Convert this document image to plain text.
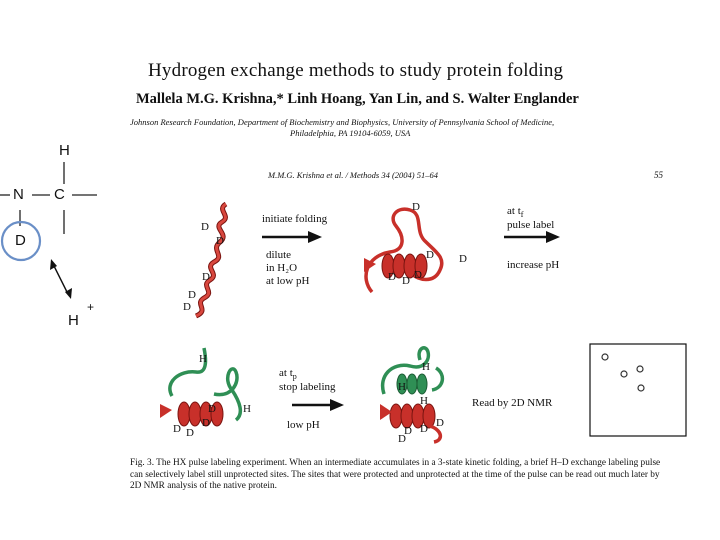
Hydrogen exchange methods to study protein folding
Mallela M.G. Krishna,* Linh Hoang, Yan Lin, and S. Walter Englander
Johnson Research Foundation, Department of Biochemistry and Biophysics, University of Pennsylvania School of Medicine,
Philadelphia, PA 19104-6059, USA
M.M.G. Krishna et al. / Methods 34 (2004) 51–64	55
H
N C
D
H
+
initiate folding
dilute
in H₂O
at low pH
at $t_f$
pulse label
increase pH
at $t_p$
stop labeling
low pH
Read by 2D NMR
D
D
D
D
D
D
D D
D D D
H
H
D
D
D D
H
H
H
D
D
D
D
Fig. 3. The HX pulse labeling experiment. When an intermediate accumulates in a 3-state kinetic folding, a brief H–D exchange labeling pulse can selectively label still unprotected sites. The sites that were protected and unprotected at the time of the pulse can be read out much later by 2D NMR analysis of the native protein.
